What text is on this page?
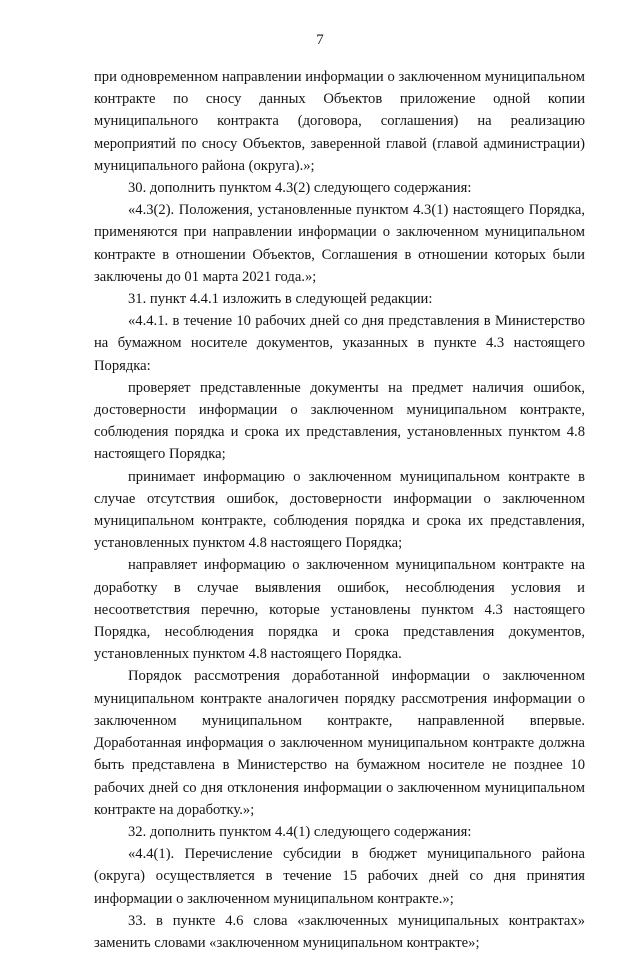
7

при одновременном направлении информации о заключенном муниципальном контракте по сносу данных Объектов приложение одной копии муниципального контракта (договора, соглашения) на реализацию мероприятий по сносу Объектов, заверенной главой (главой администрации) муниципального района (округа).»;

30. дополнить пунктом 4.3(2) следующего содержания:

«4.3(2). Положения, установленные пунктом 4.3(1) настоящего Порядка, применяются при направлении информации о заключенном муниципальном контракте в отношении Объектов, Соглашения в отношении которых были заключены до 01 марта 2021 года.»;

31. пункт 4.4.1 изложить в следующей редакции:

«4.4.1. в течение 10 рабочих дней со дня представления в Министерство на бумажном носителе документов, указанных в пункте 4.3 настоящего Порядка:

проверяет представленные документы на предмет наличия ошибок, достоверности информации о заключенном муниципальном контракте, соблюдения порядка и срока их представления, установленных пунктом 4.8 настоящего Порядка;

принимает информацию о заключенном муниципальном контракте в случае отсутствия ошибок, достоверности информации о заключенном муниципальном контракте, соблюдения порядка и срока их представления, установленных пунктом 4.8 настоящего Порядка;

направляет информацию о заключенном муниципальном контракте на доработку в случае выявления ошибок, несоблюдения условия и несоответствия перечню, которые установлены пунктом 4.3 настоящего Порядка, несоблюдения порядка и срока представления документов, установленных пунктом 4.8 настоящего Порядка.

Порядок рассмотрения доработанной информации о заключенном муниципальном контракте аналогичен порядку рассмотрения информации о заключенном муниципальном контракте, направленной впервые. Доработанная информация о заключенном муниципальном контракте должна быть представлена в Министерство на бумажном носителе не позднее 10 рабочих дней со дня отклонения информации о заключенном муниципальном контракте на доработку.»;

32. дополнить пунктом 4.4(1) следующего содержания:

«4.4(1). Перечисление субсидии в бюджет муниципального района (округа) осуществляется в течение 15 рабочих дней со дня принятия информации о заключенном муниципальном контракте.»;

33. в пункте 4.6 слова «заключенных муниципальных контрактах» заменить словами «заключенном муниципальном контракте»;
